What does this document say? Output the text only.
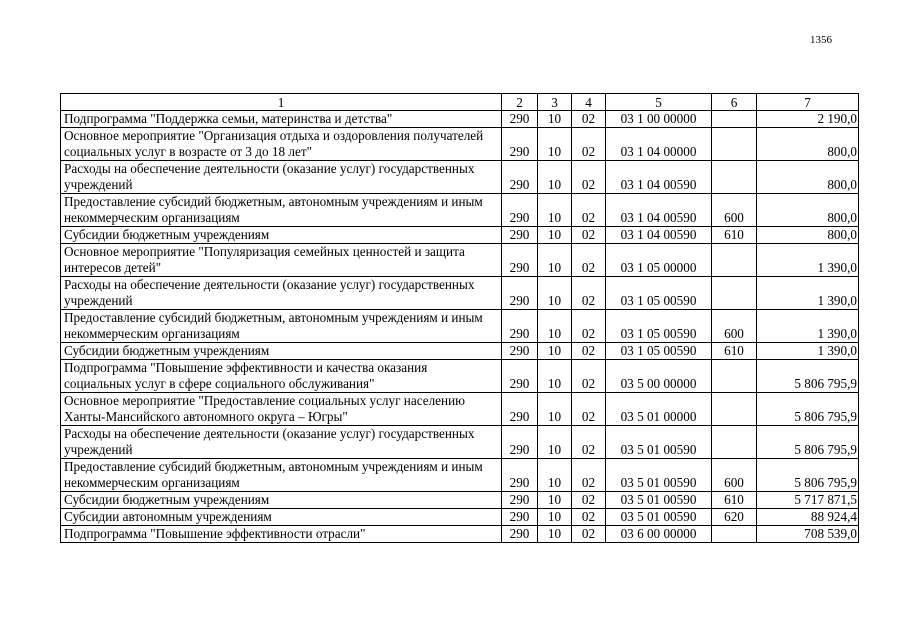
1356
1	2	3	4	5	6	7
Подпрограмма "Поддержка семьи, материнства и детства"	290	10	02	03 1 00 00000		2 190,0
Основное мероприятие "Организация отдыха и оздоровления получателей социальных услуг в возрасте от 3 до 18 лет"	290	10	02	03 1 04 00000		800,0
Расходы на обеспечение деятельности (оказание услуг) государственных учреждений	290	10	02	03 1 04 00590		800,0
Предоставление субсидий бюджетным, автономным учреждениям и иным некоммерческим организациям	290	10	02	03 1 04 00590	600	800,0
Субсидии бюджетным учреждениям	290	10	02	03 1 04 00590	610	800,0
Основное мероприятие "Популяризация семейных ценностей и защита интересов детей"	290	10	02	03 1 05 00000		1 390,0
Расходы на обеспечение деятельности (оказание услуг) государственных учреждений	290	10	02	03 1 05 00590		1 390,0
Предоставление субсидий бюджетным, автономным учреждениям и иным некоммерческим организациям	290	10	02	03 1 05 00590	600	1 390,0
Субсидии бюджетным учреждениям	290	10	02	03 1 05 00590	610	1 390,0
Подпрограмма "Повышение эффективности и качества оказания социальных услуг в сфере социального обслуживания"	290	10	02	03 5 00 00000		5 806 795,9
Основное мероприятие "Предоставление социальных услуг населению Ханты-Мансийского автономного округа – Югры"	290	10	02	03 5 01 00000		5 806 795,9
Расходы на обеспечение деятельности (оказание услуг) государственных учреждений	290	10	02	03 5 01 00590		5 806 795,9
Предоставление субсидий бюджетным, автономным учреждениям и иным некоммерческим организациям	290	10	02	03 5 01 00590	600	5 806 795,9
Субсидии бюджетным учреждениям	290	10	02	03 5 01 00590	610	5 717 871,5
Субсидии автономным учреждениям	290	10	02	03 5 01 00590	620	88 924,4
Подпрограмма "Повышение эффективности отрасли"	290	10	02	03 6 00 00000		708 539,0
